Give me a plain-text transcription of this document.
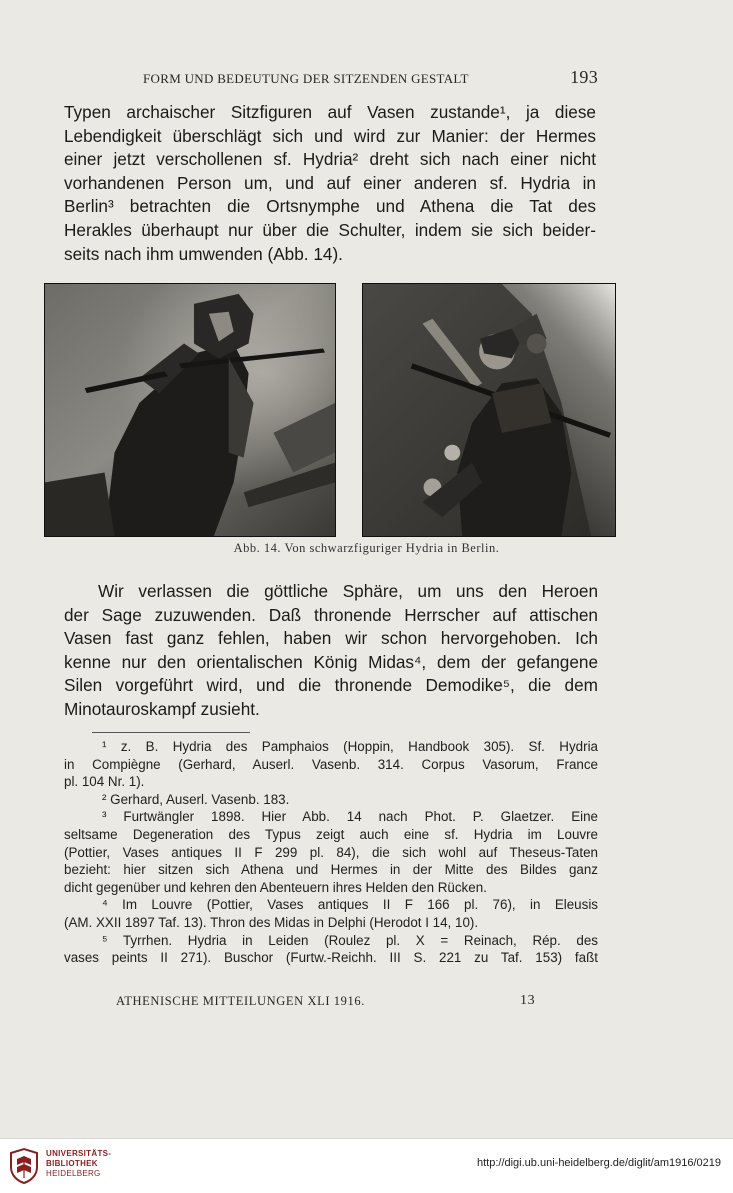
FORM UND BEDEUTUNG DER SITZENDEN GESTALT	193
Typen archaischer Sitzfiguren auf Vasen zustande¹, ja diese
Lebendigkeit überschlägt sich und wird zur Manier: der Hermes
einer jetzt verschollenen sf. Hydria² dreht sich nach einer nicht
vorhandenen Person um, und auf einer anderen sf. Hydria in
Berlin³ betrachten die Ortsnymphe und Athena die Tat des
Herakles überhaupt nur über die Schulter, indem sie sich beider-
seits nach ihm umwenden (Abb. 14).
Abb. 14. Von schwarzfiguriger Hydria in Berlin.
Wir verlassen die göttliche Sphäre, um uns den Heroen
der Sage zuzuwenden. Daß thronende Herrscher auf attischen
Vasen fast ganz fehlen, haben wir schon hervorgehoben. Ich
kenne nur den orientalischen König Midas⁴, dem der gefangene
Silen vorgeführt wird, und die thronende Demodike⁵, die dem
Minotauroskampf zusieht.
¹ z. B. Hydria des Pamphaios (Hoppin, Handbook 305). Sf. Hydria
in Compiègne (Gerhard, Auserl. Vasenb. 314. Corpus Vasorum, France
pl. 104 Nr. 1).
² Gerhard, Auserl. Vasenb. 183.
³ Furtwängler 1898. Hier Abb. 14 nach Phot. P. Glaetzer. Eine
seltsame Degeneration des Typus zeigt auch eine sf. Hydria im Louvre
(Pottier, Vases antiques II F 299 pl. 84), die sich wohl auf Theseus-Taten
bezieht: hier sitzen sich Athena und Hermes in der Mitte des Bildes ganz
dicht gegenüber und kehren den Abenteuern ihres Helden den Rücken.
⁴ Im Louvre (Pottier, Vases antiques II F 166 pl. 76), in Eleusis
(AM. XXII 1897 Taf. 13). Thron des Midas in Delphi (Herodot I 14, 10).
⁵ Tyrrhen. Hydria in Leiden (Roulez pl. X = Reinach, Rép. des
vases peints II 271). Buschor (Furtw.-Reichh. III S. 221 zu Taf. 153) faßt
ATHENISCHE MITTEILUNGEN XLI 1916.	13
UNIVERSITÄTS-
BIBLIOTHEK
HEIDELBERG
http://digi.ub.uni-heidelberg.de/diglit/am1916/0219
